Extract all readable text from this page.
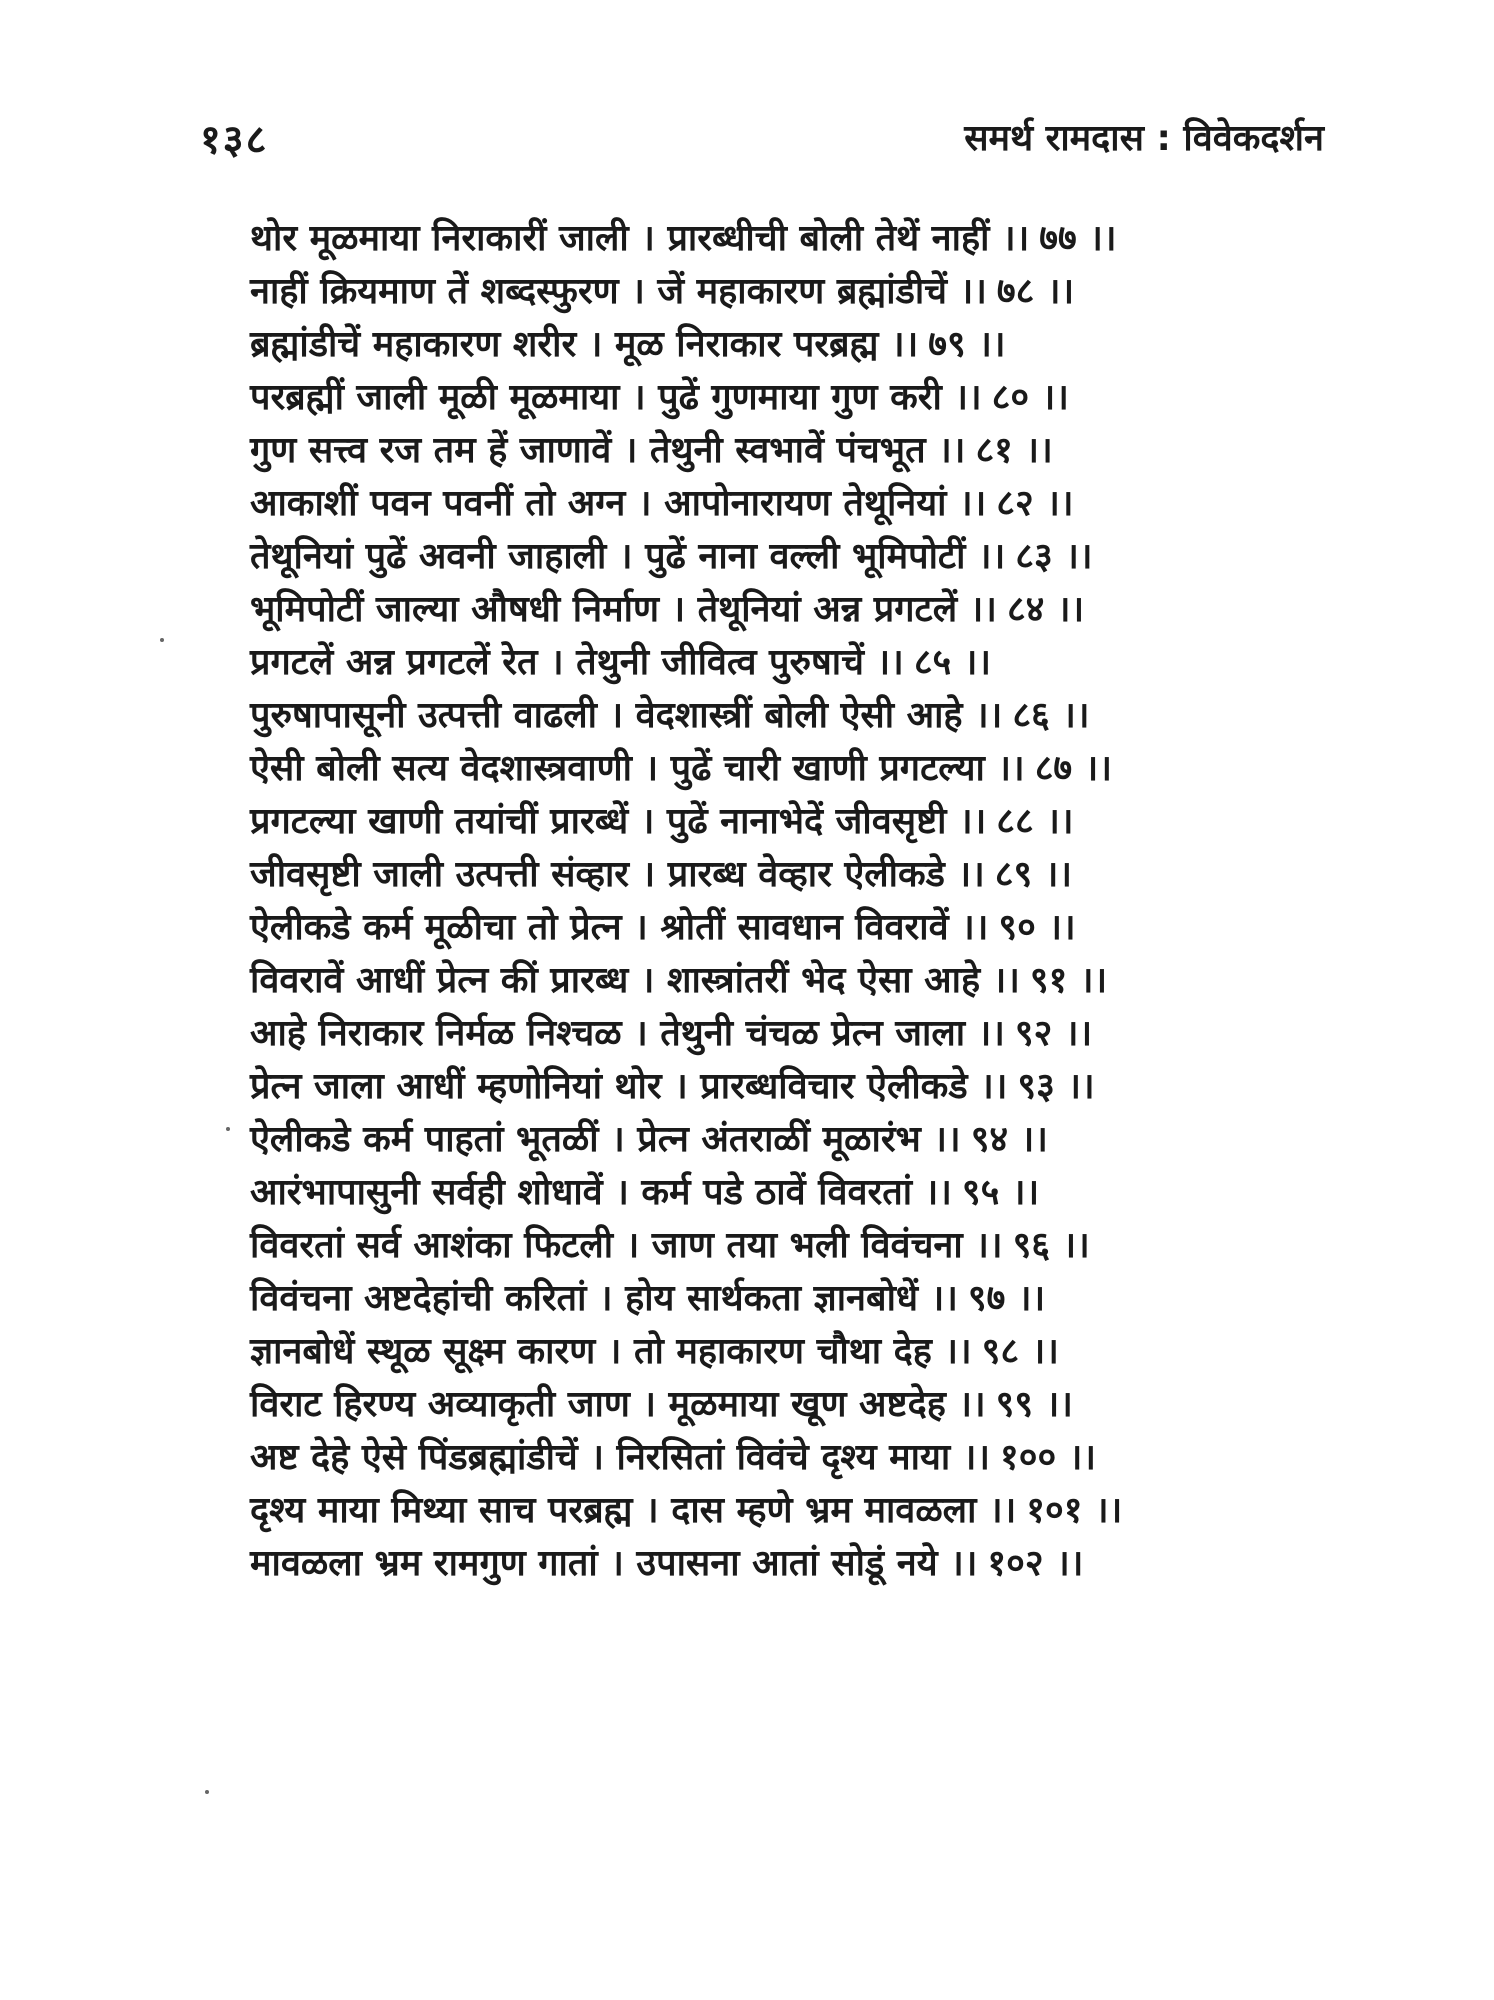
१३८	समर्थ रामदास : विवेकदर्शन
थोर मूळमाया निराकारीं जाली । प्रारब्धीची बोली तेथें नाहीं ।। ७७ ।।
नाहीं क्रियमाण तें शब्दस्फुरण । जें महाकारण ब्रह्मांडीचें ।। ७८ ।।
ब्रह्मांडीचें महाकारण शरीर । मूळ निराकार परब्रह्म ।। ७९ ।।
परब्रह्मीं जाली मूळी मूळमाया । पुढें गुणमाया गुण करी ।। ८० ।।
गुण सत्त्व रज तम हें जाणावें । तेथुनी स्वभावें पंचभूत ।। ८१ ।।
आकाशीं पवन पवनीं तो अग्न । आपोनारायण तेथूनियां ।। ८२ ।।
तेथूनियां पुढें अवनी जाहाली । पुढें नाना वल्ली भूमिपोटीं ।। ८३ ।।
भूमिपोटीं जाल्या औषधी निर्माण । तेथूनियां अन्न प्रगटलें ।। ८४ ।।
प्रगटलें अन्न प्रगटलें रेत । तेथुनी जीवित्व पुरुषाचें ।। ८५ ।।
पुरुषापासूनी उत्पत्ती वाढली । वेदशास्त्रीं बोली ऐसी आहे ।। ८६ ।।
ऐसी बोली सत्य वेदशास्त्रवाणी । पुढें चारी खाणी प्रगटल्या ।। ८७ ।।
प्रगटल्या खाणी तयांचीं प्रारब्धें । पुढें नानाभेदें जीवसृष्टी ।। ८८ ।।
जीवसृष्टी जाली उत्पत्ती संव्हार । प्रारब्ध वेव्हार ऐलीकडे ।। ८९ ।।
ऐलीकडे कर्म मूळीचा तो प्रेत्न । श्रोतीं सावधान विवरावें ।। ९० ।।
विवरावें आधीं प्रेत्न कीं प्रारब्ध । शास्त्रांतरीं भेद ऐसा आहे ।। ९१ ।।
आहे निराकार निर्मळ निश्चळ । तेथुनी चंचळ प्रेत्न जाला ।। ९२ ।।
प्रेत्न जाला आधीं म्हणोनियां थोर । प्रारब्धविचार ऐलीकडे ।। ९३ ।।
ऐलीकडे कर्म पाहतां भूतळीं । प्रेत्न अंतराळीं मूळारंभ ।। ९४ ।।
आरंभापासुनी सर्वही शोधावें । कर्म पडे ठावें विवरतां ।। ९५ ।।
विवरतां सर्व आशंका फिटली । जाण तया भली विवंचना ।। ९६ ।।
विवंचना अष्टदेहांची करितां । होय सार्थकता ज्ञानबोधें ।। ९७ ।।
ज्ञानबोधें स्थूळ सूक्ष्म कारण । तो महाकारण चौथा देह ।। ९८ ।।
विराट हिरण्य अव्याकृती जाण । मूळमाया खूण अष्टदेह ।। ९९ ।।
अष्ट देहे ऐसे पिंडब्रह्मांडीचें । निरसितां विवंचे दृश्य माया ।। १०० ।।
दृश्य माया मिथ्या साच परब्रह्म । दास म्हणे भ्रम मावळला ।। १०१ ।।
मावळला भ्रम रामगुण गातां । उपासना आतां सोडूं नये ।। १०२ ।।
